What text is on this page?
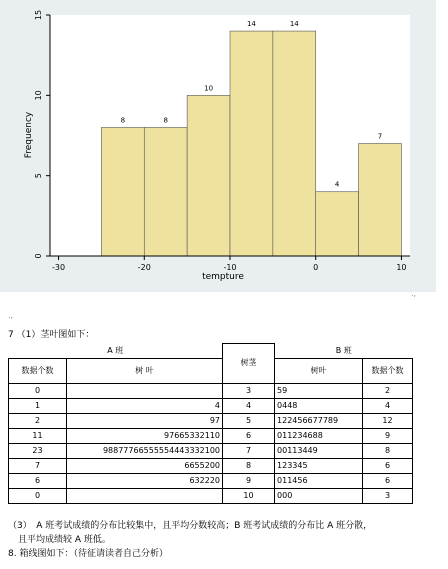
8	8
10
14	14
4
7
-30	-20	-10	0	10
0
5
10
15
tempture
Frequency
.,
.,
7 （1）茎叶图如下：
A 班		树茎	B 班	
数据个数	树 叶		树叶	数据个数
0		3	59	2
1	4	4	0448	4
2	97	5	122456677789	12
11	97665332110	6	011234688	9
23	98877766555554443332100	7	00113449	8
7	6655200	8	123345	6
6	632220	9	011456	6
0		10	000	3
（3）　A 班考试成绩的分布比较集中，且平均分数较高；B 班考试成绩的分布比 A 班分散，
且平均成绩较 A 班低。
8. 箱线图如下：（待征请读者自己分析）
